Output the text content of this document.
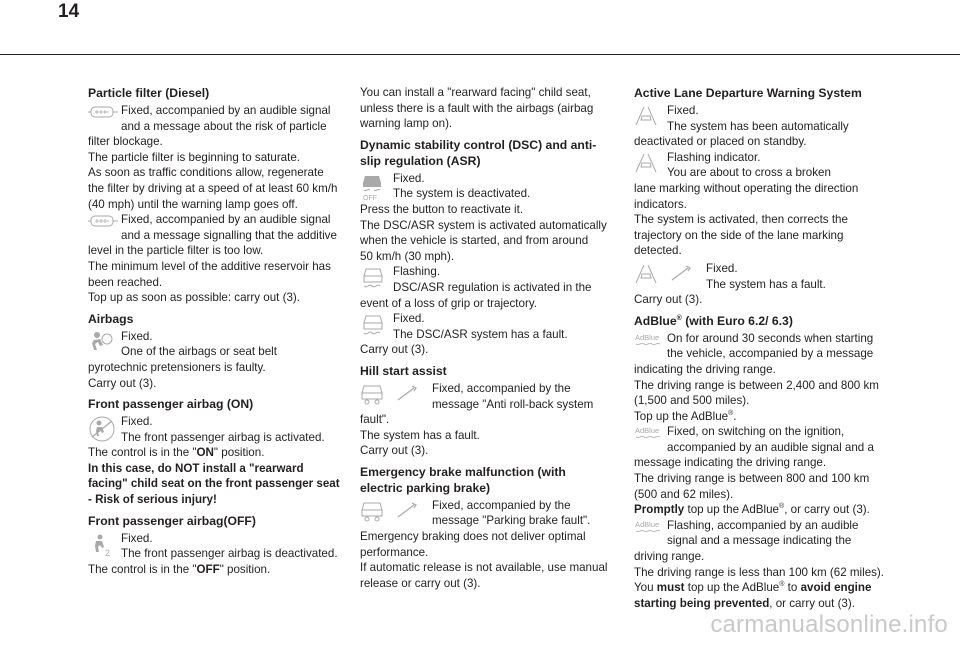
14
Particle filter (Diesel)

Fixed, accompanied by an audible signal

and a message about the risk of particle

filter blockage.

The particle filter is beginning to saturate.

As soon as traffic conditions allow, regenerate

the filter by driving at a speed of at least 60 km/h

(40 mph) until the warning lamp goes off.

Fixed, accompanied by an audible signal

and a message signalling that the additive

level in the particle filter is too low.

The minimum level of the additive reservoir has

been reached.

Top up as soon as possible: carry out (3).

Airbags

Fixed.

One of the airbags or seat belt

pyrotechnic pretensioners is faulty.

Carry out (3).

Front passenger airbag (ON)

Fixed.

The front passenger airbag is activated.

The control is in the "ON" position.

In this case, do NOT install a "rearward

facing" child seat on the front passenger seat

- Risk of serious injury!

Front passenger airbag(OFF)
2

Fixed.

The front passenger airbag is deactivated.

The control is in the "OFF" position.

You can install a "rearward facing" child seat,

unless there is a fault with the airbags (airbag

warning lamp on).

Dynamic stability control (DSC) and anti-
slip regulation (ASR)
OFF

Fixed.

The system is deactivated.

Press the button to reactivate it.

The DSC/ASR system is activated automatically

when the vehicle is started, and from around

50 km/h (30 mph).

Flashing.

DSC/ASR regulation is activated in the

event of a loss of grip or trajectory.

Fixed.

The DSC/ASR system has a fault.

Carry out (3).

Hill start assist

Fixed, accompanied by the

message "Anti roll-back system

fault".

The system has a fault.

Carry out (3).

Emergency brake malfunction (with
electric parking brake)

Fixed, accompanied by the

message "Parking brake fault".

Emergency braking does not deliver optimal

performance.

If automatic release is not available, use manual

release or carry out (3).

Active Lane Departure Warning System

Fixed.

The system has been automatically

deactivated or placed on standby.

Flashing indicator.

You are about to cross a broken

lane marking without operating the direction

indicators.

The system is activated, then corrects the

trajectory on the side of the lane marking

detected.

Fixed.

The system has a fault.

Carry out (3).

AdBlue® (with Euro 6.2/ 6.3)
AdBlue On for around 30 seconds when starting

the vehicle, accompanied by a message

indicating the driving range.

The driving range is between 2,400 and 800 km

(1,500 and 500 miles).

Top up the AdBlue®.

AdBlue Fixed, on switching on the ignition,

accompanied by an audible signal and a

message indicating the driving range.

The driving range is between 800 and 100 km

(500 and 62 miles).

Promptly top up the AdBlue®, or carry out (3).

AdBlue Flashing, accompanied by an audible

signal and a message indicating the

driving range.

The driving range is less than 100 km (62 miles).

You must top up the AdBlue® to avoid engine

starting being prevented, or carry out (3).

carmanualsonline.info
